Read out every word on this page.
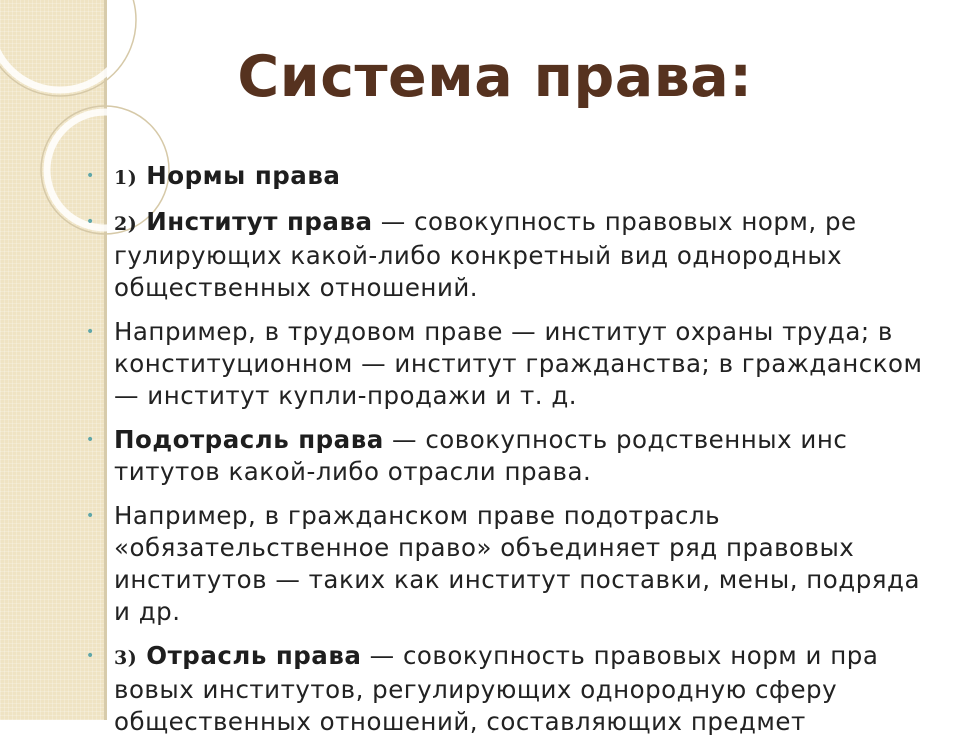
Система права:
• 1) Нормы права
• 2) Институт права — совокупность правовых норм, ре гулирующих какой-либо конкретный вид однородных общественных отношений.
• Например, в трудовом праве — институт охраны труда; в конституционном — институт гражданства; в гражданском — институт купли-продажи и т. д.
• Подотрасль права — совокупность родственных инс титутов какой-либо отрасли права.
• Например, в гражданском праве подотрасль «обязательственное право» объединяет ряд правовых институтов — таких как институт поставки, мены, подряда и др.
• 3) Отрасль права — совокупность правовых норм и пра вовых институтов, регулирующих однородную сферу общественных отношений, составляющих предмет
